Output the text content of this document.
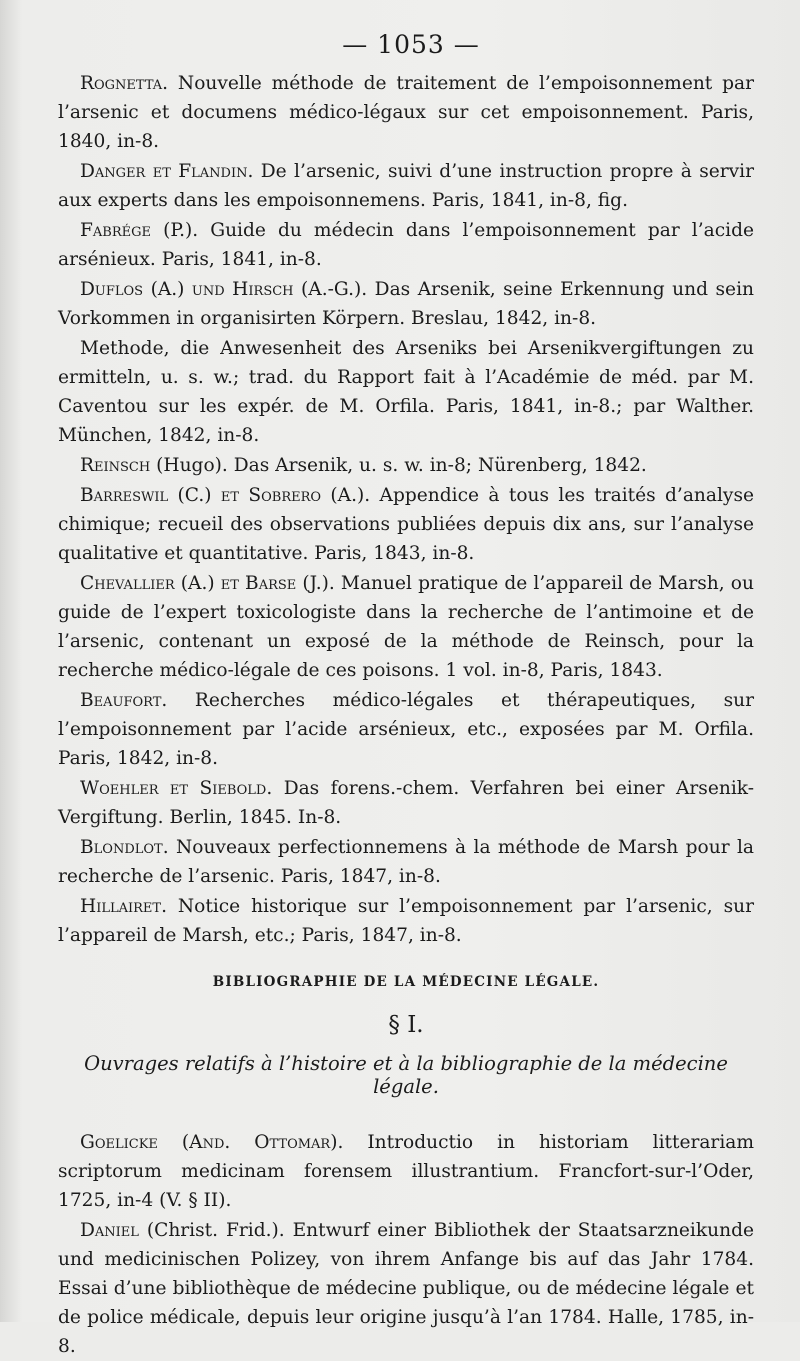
— 1053 —

Rognetta. Nouvelle méthode de traitement de l’empoisonnement par l’arsenic et documens médico-légaux sur cet empoisonnement. Paris, 1840, in-8.

Danger et Flandin. De l’arsenic, suivi d’une instruction propre à servir aux experts dans les empoisonnemens. Paris, 1841, in-8, fig.

Fabrége (P.). Guide du médecin dans l’empoisonnement par l’acide arsénieux. Paris, 1841, in-8.

Duflos (A.) und Hirsch (A.-G.). Das Arsenik, seine Erkennung und sein Vorkommen in organisirten Körpern. Breslau, 1842, in-8.

Methode, die Anwesenheit des Arseniks bei Arsenikvergiftungen zu ermitteln, u. s. w.; trad. du Rapport fait à l’Académie de méd. par M. Caventou sur les expér. de M. Orfila. Paris, 1841, in-8.; par Walther. München, 1842, in-8.

Reinsch (Hugo). Das Arsenik, u. s. w. in-8; Nürenberg, 1842.

Barreswil (C.) et Sobrero (A.). Appendice à tous les traités d’analyse chimique; recueil des observations publiées depuis dix ans, sur l’analyse qualitative et quantitative. Paris, 1843, in-8.

Chevallier (A.) et Barse (J.). Manuel pratique de l’appareil de Marsh, ou guide de l’expert toxicologiste dans la recherche de l’antimoine et de l’arsenic, contenant un exposé de la méthode de Reinsch, pour la recherche médico-légale de ces poisons. 1 vol. in-8, Paris, 1843.

Beaufort. Recherches médico-légales et thérapeutiques, sur l’empoisonnement par l’acide arsénieux, etc., exposées par M. Orfila. Paris, 1842, in-8.

Woehler et Siebold. Das forens.-chem. Verfahren bei einer Arsenik-Vergiftung. Berlin, 1845. In-8.

Blondlot. Nouveaux perfectionnemens à la méthode de Marsh pour la recherche de l’arsenic. Paris, 1847, in-8.

Hillairet. Notice historique sur l’empoisonnement par l’arsenic, sur l’appareil de Marsh, etc.; Paris, 1847, in-8.

BIBLIOGRAPHIE DE LA MÉDECINE LÉGALE.
§ I.
Ouvrages relatifs à l’histoire et à la bibliographie de la médecine légale.

Goelicke (And. Ottomar). Introductio in historiam litterariam scriptorum medicinam forensem illustrantium. Francfort-sur-l’Oder, 1725, in-4 (V. § II).

Daniel (Christ. Frid.). Entwurf einer Bibliothek der Staatsarzneikunde und medicinischen Polizey, von ihrem Anfange bis auf das Jahr 1784. Essai d’une bibliothèque de médecine publique, ou de médecine légale et de police médicale, depuis leur origine jusqu’à l’an 1784. Halle, 1785, in-8.
